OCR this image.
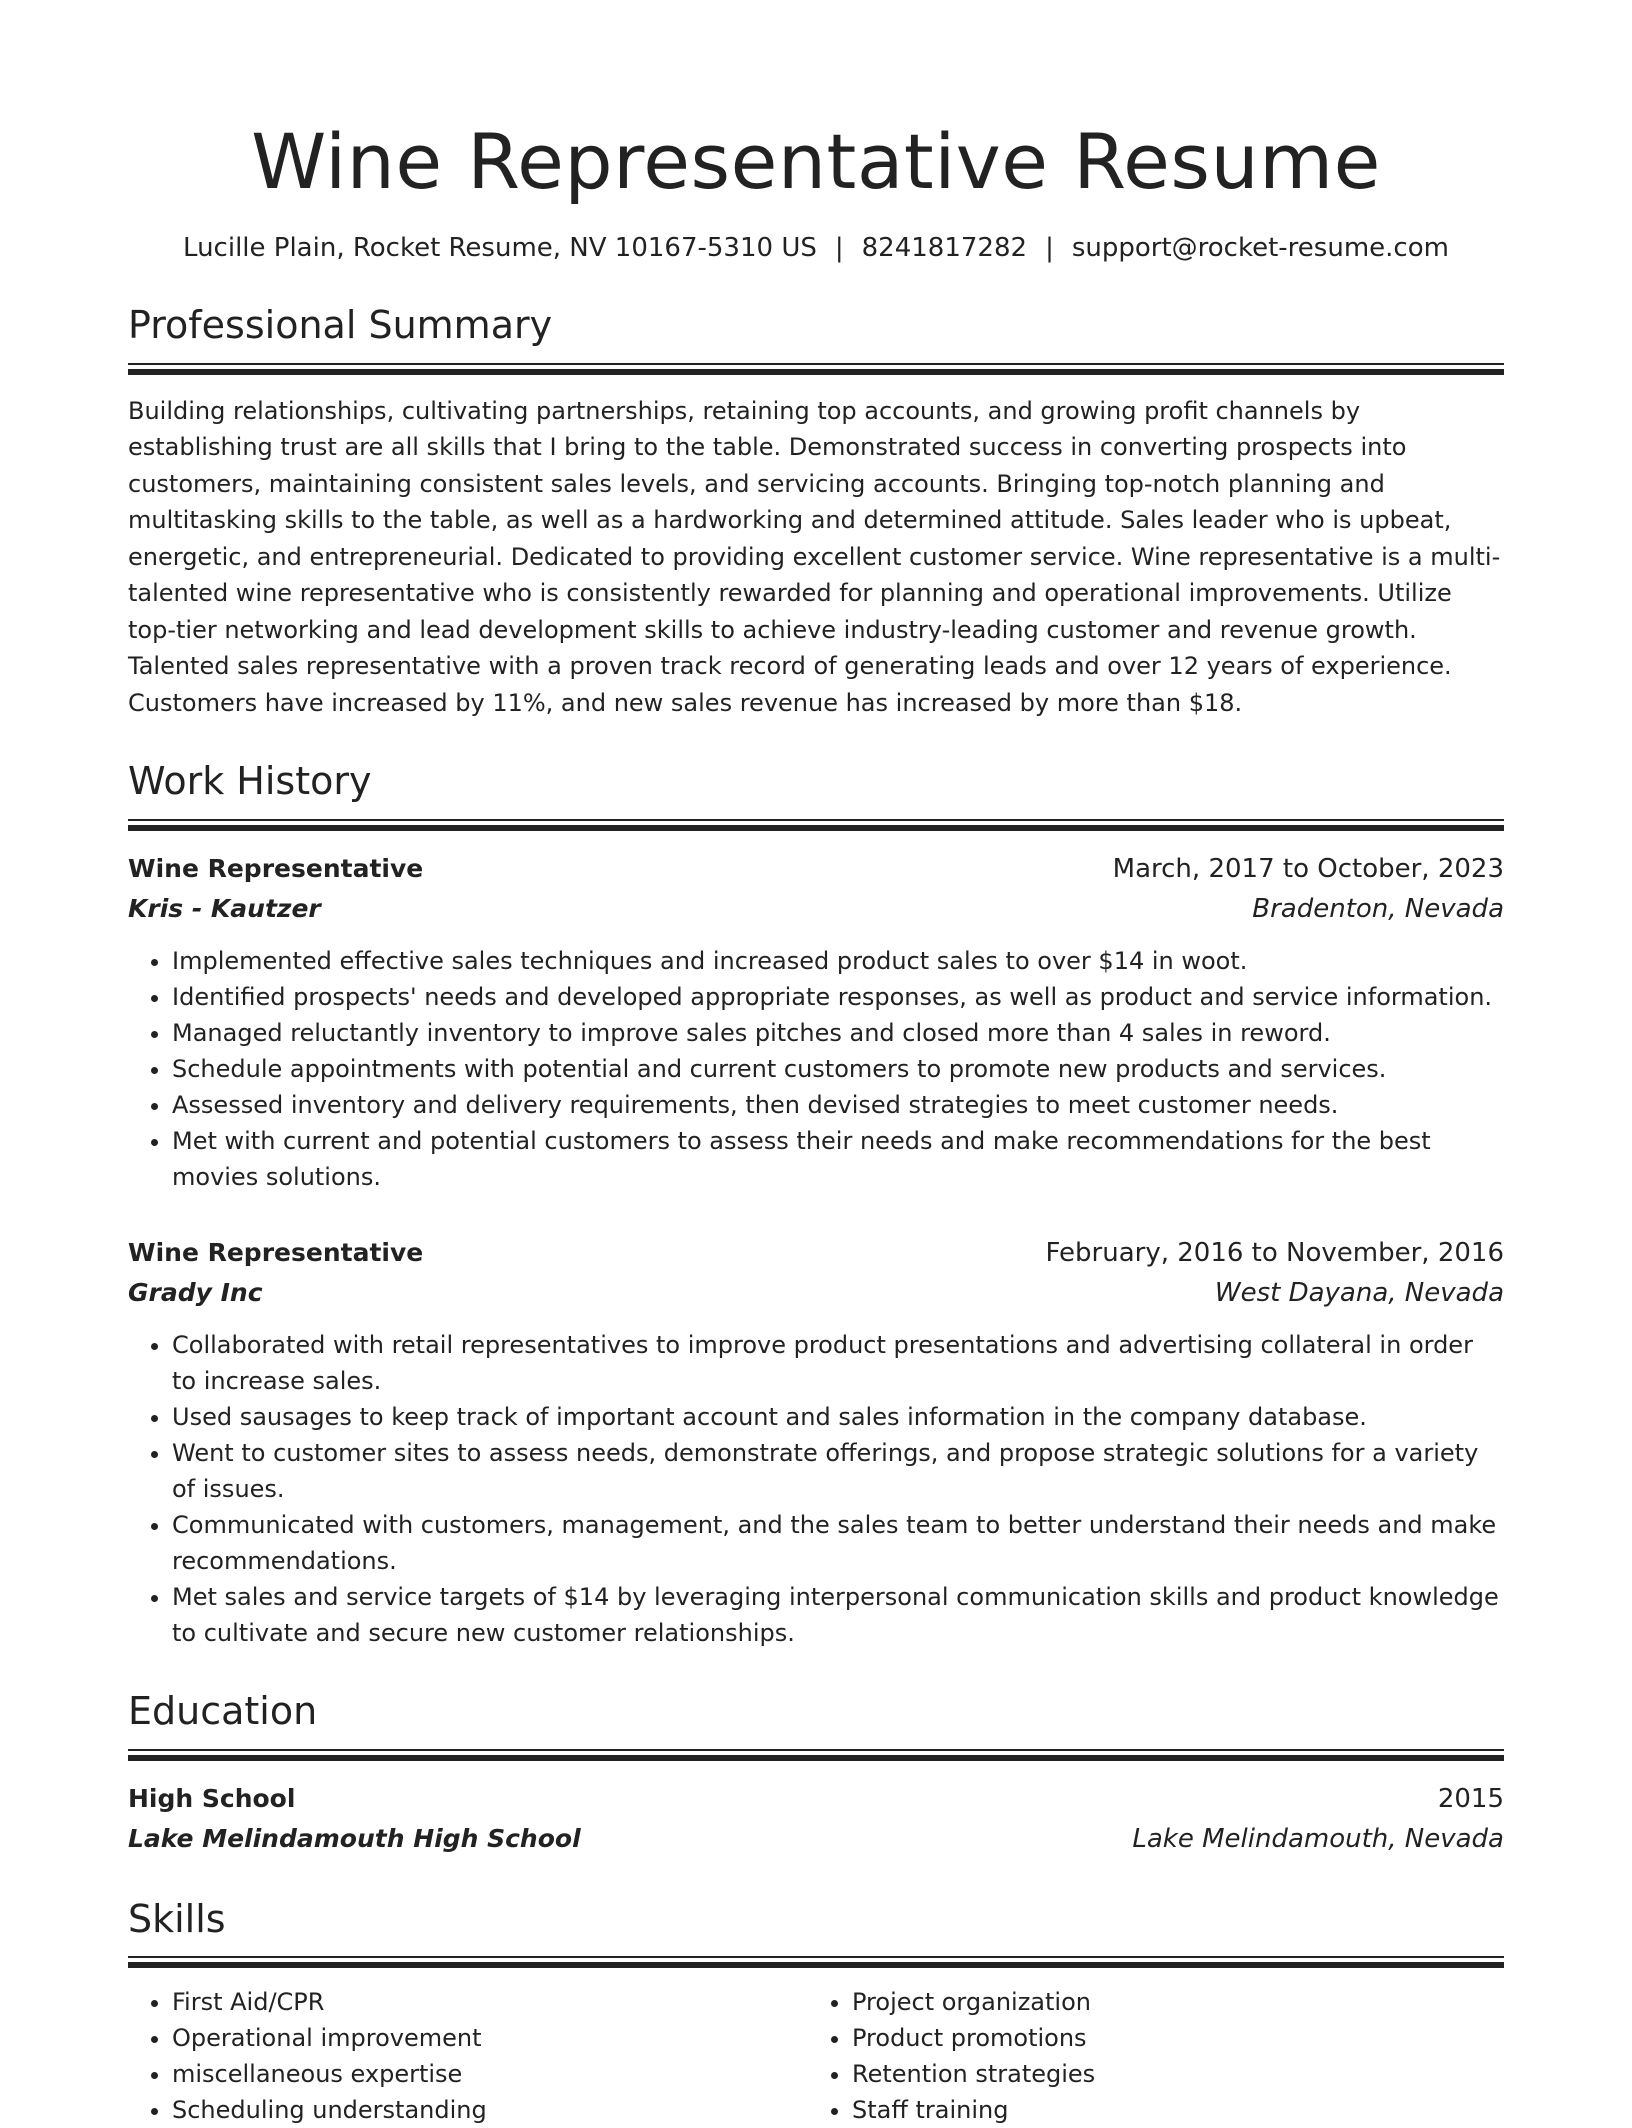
Wine Representative Resume
Lucille Plain, Rocket Resume, NV 10167-5310 US | 8241817282 | support@rocket-resume.com
Professional Summary

Building relationships, cultivating partnerships, retaining top accounts, and growing profit channels by establishing trust are all skills that I bring to the table. Demonstrated success in converting prospects into customers, maintaining consistent sales levels, and servicing accounts. Bringing top-notch planning and multitasking skills to the table, as well as a hardworking and determined attitude. Sales leader who is upbeat, energetic, and entrepreneurial. Dedicated to providing excellent customer service. Wine representative is a multi-talented wine representative who is consistently rewarded for planning and operational improvements. Utilize top-tier networking and lead development skills to achieve industry-leading customer and revenue growth. Talented sales representative with a proven track record of generating leads and over 12 years of experience. Customers have increased by 11%, and new sales revenue has increased by more than $18.

Work History
Wine Representative	March, 2017 to October, 2023
Kris - Kautzer	Bradenton, Nevada
• Implemented effective sales techniques and increased product sales to over $14 in woot.
• Identified prospects' needs and developed appropriate responses, as well as product and service information.
• Managed reluctantly inventory to improve sales pitches and closed more than 4 sales in reword.
• Schedule appointments with potential and current customers to promote new products and services.
• Assessed inventory and delivery requirements, then devised strategies to meet customer needs.
• Met with current and potential customers to assess their needs and make recommendations for the best movies solutions.
Wine Representative	February, 2016 to November, 2016
Grady Inc	West Dayana, Nevada
• Collaborated with retail representatives to improve product presentations and advertising collateral in order to increase sales.
• Used sausages to keep track of important account and sales information in the company database.
• Went to customer sites to assess needs, demonstrate offerings, and propose strategic solutions for a variety of issues.
• Communicated with customers, management, and the sales team to better understand their needs and make recommendations.
• Met sales and service targets of $14 by leveraging interpersonal communication skills and product knowledge to cultivate and secure new customer relationships.
Education
High School	2015
Lake Melindamouth High School	Lake Melindamouth, Nevada
Skills
• First Aid/CPR
• Operational improvement
• miscellaneous expertise
• Scheduling understanding
• Project organization
• Product promotions
• Retention strategies
• Staff training
